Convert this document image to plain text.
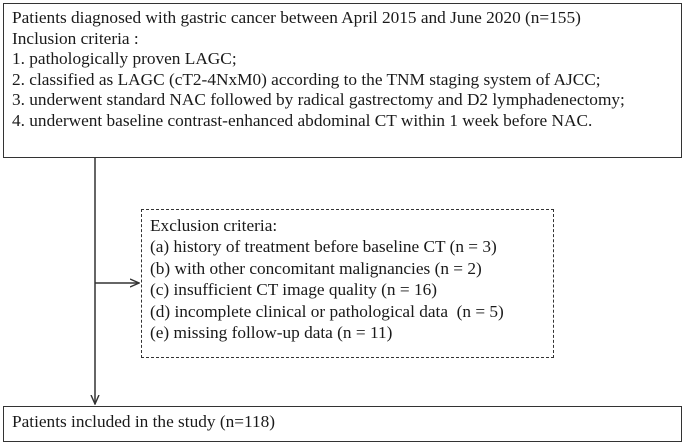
Patients diagnosed with gastric cancer between April 2015 and June 2020 (n=155)
Inclusion criteria :
1. pathologically proven LAGC;
2. classified as LAGC (cT2-4NxM0) according to the TNM staging system of AJCC;
3. underwent standard NAC followed by radical gastrectomy and D2 lymphadenectomy;
4. underwent baseline contrast-enhanced abdominal CT within 1 week before NAC.
Exclusion criteria:
(a) history of treatment before baseline CT (n = 3)
(b) with other concomitant malignancies (n = 2)
(c) insufficient CT image quality (n = 16)
(d) incomplete clinical or pathological data  (n = 5)
(e) missing follow-up data (n = 11)
Patients included in the study (n=118)
